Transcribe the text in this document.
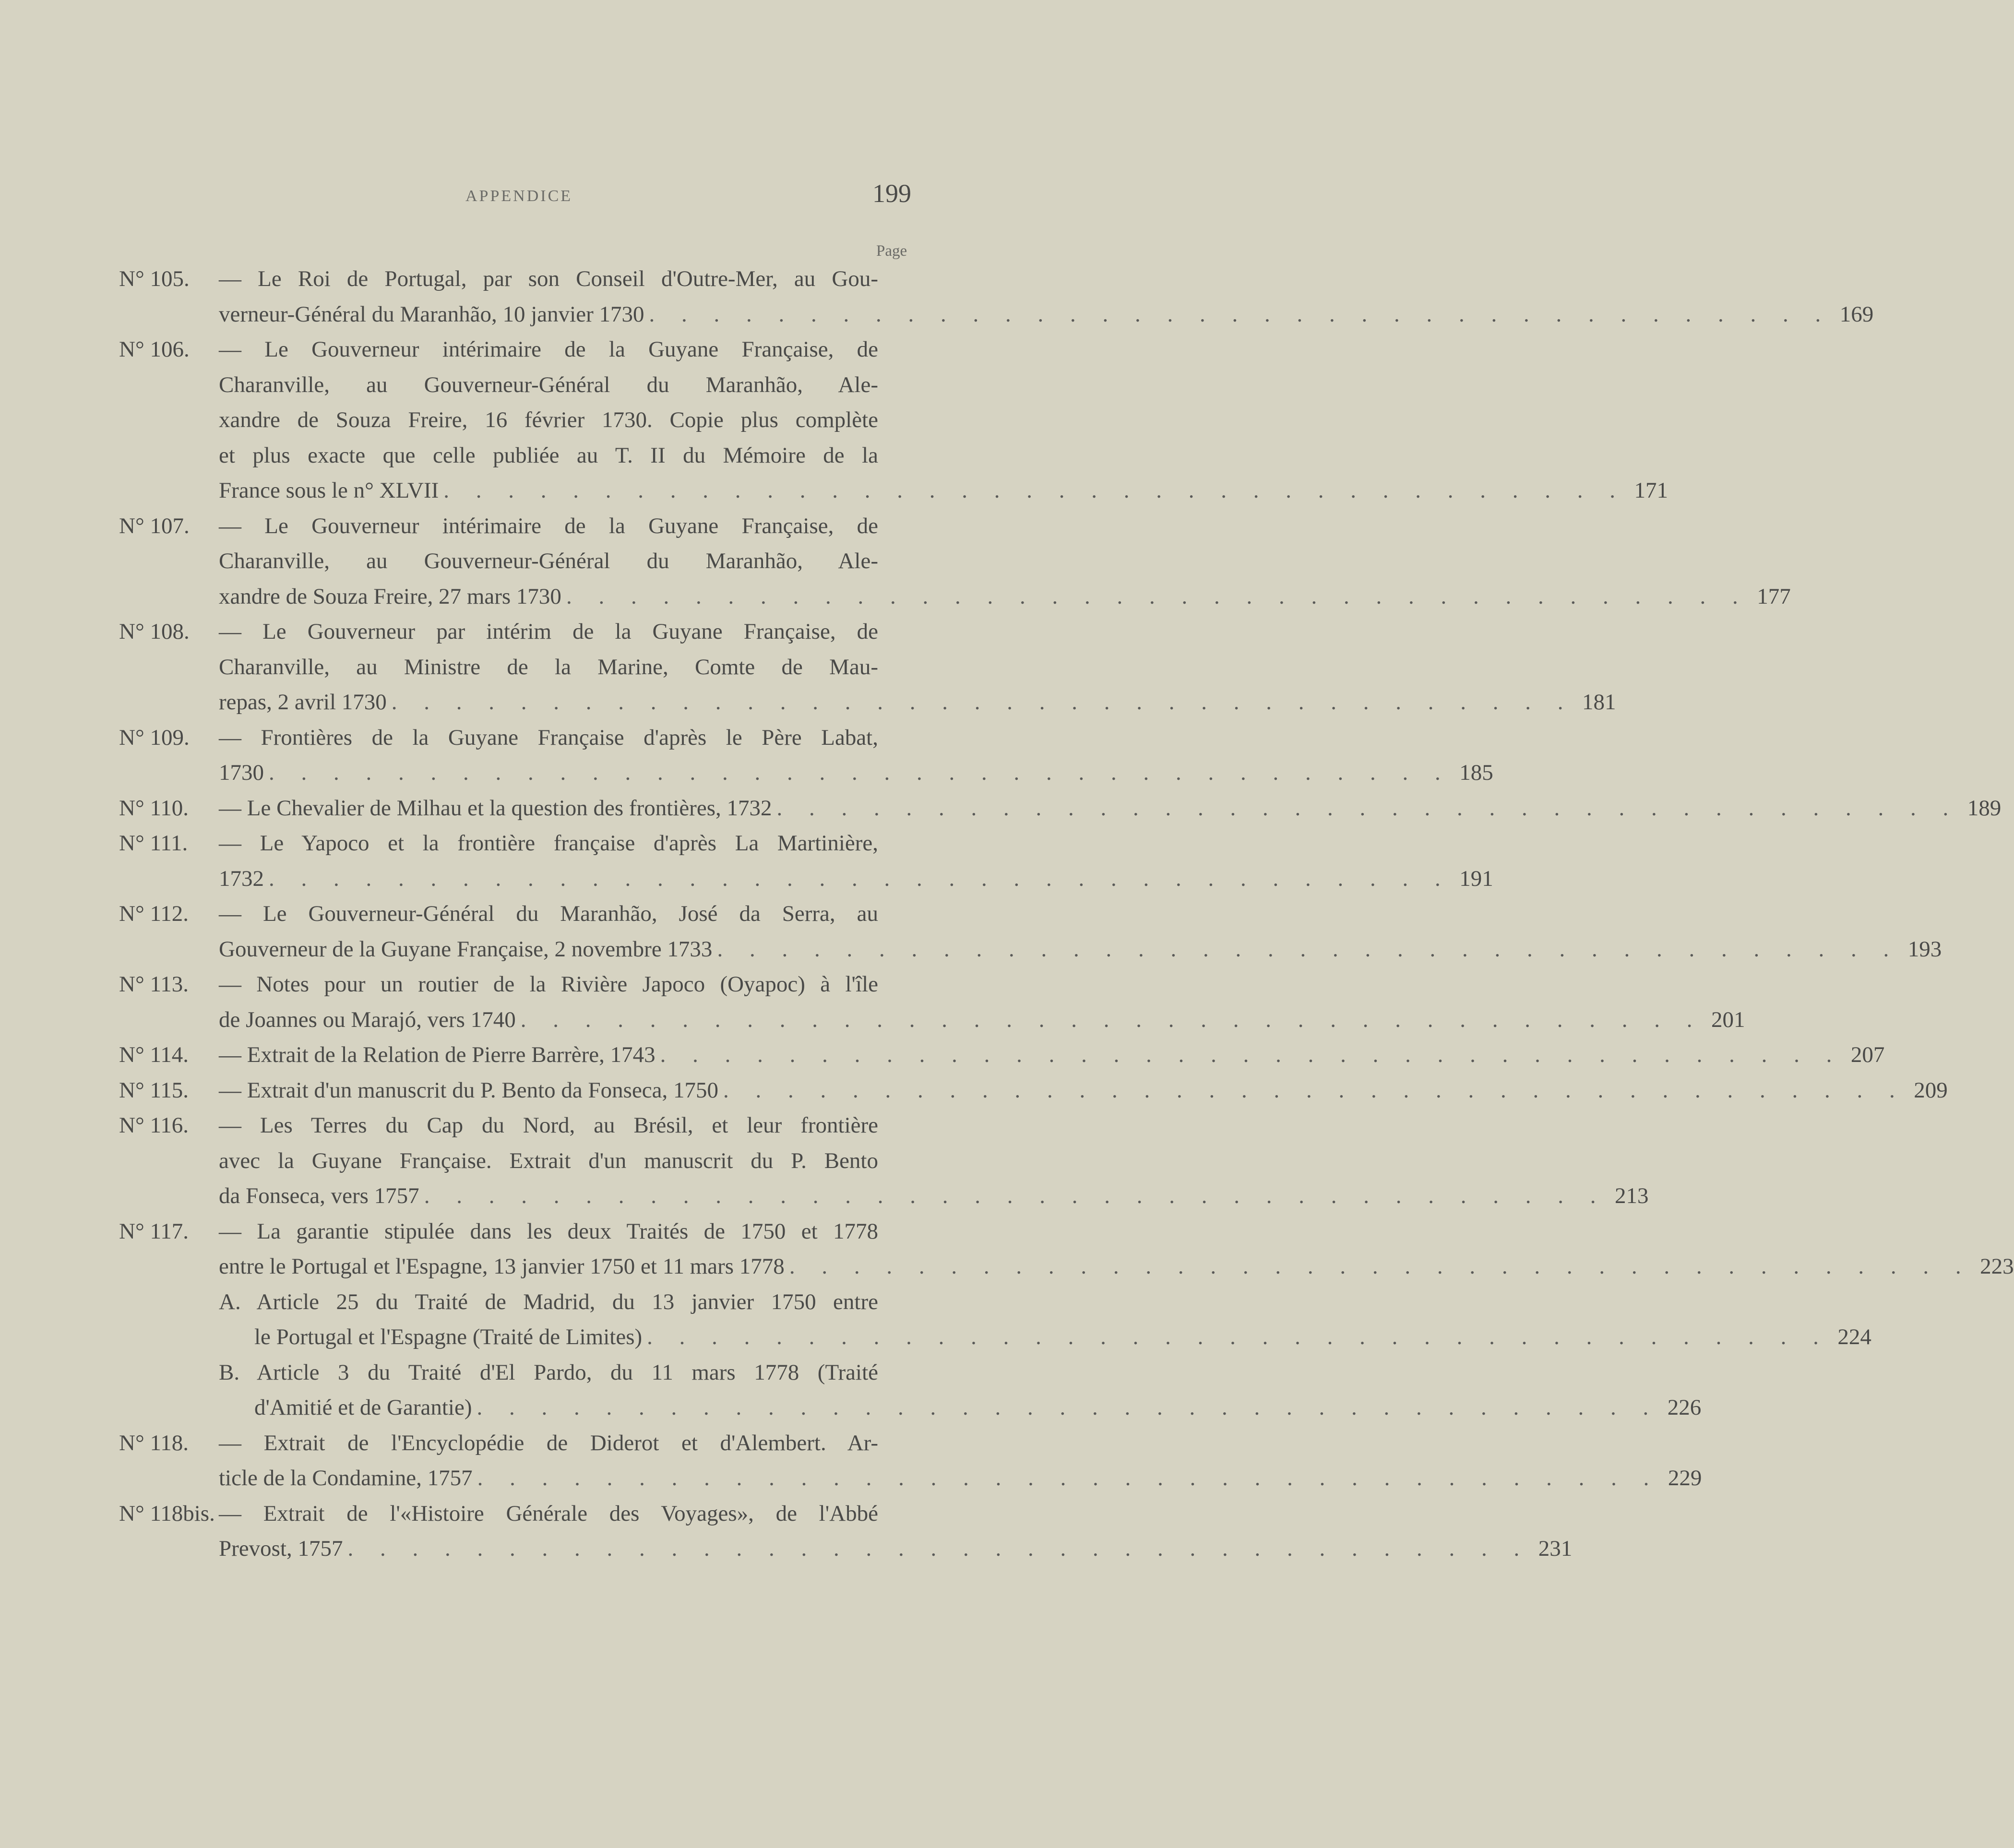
APPENDICE	199
Page
N° 105. — Le Roi de Portugal, par son Conseil d'Outre-Mer, au Gou-
verneur-Général du Maranhão, 10 janvier 1730 . . . . . . . . . . . . . . . . . . . . . . . . . . . . . . . . . . . . . 169
N° 106. — Le Gouverneur intérimaire de la Guyane Française, de
Charanville, au Gouverneur-Général du Maranhão, Ale-
xandre de Souza Freire, 16 février 1730. Copie plus complète
et plus exacte que celle publiée au T. II du Mémoire de la
France sous le n° XLVII . . . . . . . . . . . . . . . . . . . . . . . . . . . . . . . . . . . . . 171
N° 107. — Le Gouverneur intérimaire de la Guyane Française, de
Charanville, au Gouverneur-Général du Maranhão, Ale-
xandre de Souza Freire, 27 mars 1730 . . . . . . . . . . . . . . . . . . . . . . . . . . . . . . . . . . . . . 177
N° 108. — Le Gouverneur par intérim de la Guyane Française, de
Charanville, au Ministre de la Marine, Comte de Mau-
repas, 2 avril 1730 . . . . . . . . . . . . . . . . . . . . . . . . . . . . . . . . . . . . . 181
N° 109. — Frontières de la Guyane Française d'après le Père Labat,
1730 . . . . . . . . . . . . . . . . . . . . . . . . . . . . . . . . . . . . . 185
N° 110. — Le Chevalier de Milhau et la question des frontières, 1732 . . . . . . . . . . . . . . . . . . . . . . . . . . . . . . . . . . . . . 189
N° 111. — Le Yapoco et la frontière française d'après La Martinière,
1732 . . . . . . . . . . . . . . . . . . . . . . . . . . . . . . . . . . . . . 191
N° 112. — Le Gouverneur-Général du Maranhão, José da Serra, au
Gouverneur de la Guyane Française, 2 novembre 1733 . . . . . . . . . . . . . . . . . . . . . . . . . . . . . . . . . . . . . 193
N° 113. — Notes pour un routier de la Rivière Japoco (Oyapoc) à l'île
de Joannes ou Marajó, vers 1740 . . . . . . . . . . . . . . . . . . . . . . . . . . . . . . . . . . . . . 201
N° 114. — Extrait de la Relation de Pierre Barrère, 1743 . . . . . . . . . . . . . . . . . . . . . . . . . . . . . . . . . . . . . 207
N° 115. — Extrait d'un manuscrit du P. Bento da Fonseca, 1750 . . . . . . . . . . . . . . . . . . . . . . . . . . . . . . . . . . . . . 209
N° 116. — Les Terres du Cap du Nord, au Brésil, et leur frontière
avec la Guyane Française. Extrait d'un manuscrit du P. Bento
da Fonseca, vers 1757 . . . . . . . . . . . . . . . . . . . . . . . . . . . . . . . . . . . . . 213
N° 117. — La garantie stipulée dans les deux Traités de 1750 et 1778
entre le Portugal et l'Espagne, 13 janvier 1750 et 11 mars 1778 . . . . . . . . . . . . . . . . . . . . . . . . . . . . . . . . . . . . . 223
A. Article 25 du Traité de Madrid, du 13 janvier 1750 entre
le Portugal et l'Espagne (Traité de Limites) . . . . . . . . . . . . . . . . . . . . . . . . . . . . . . . . . . . . . 224
B. Article 3 du Traité d'El Pardo, du 11 mars 1778 (Traité
d'Amitié et de Garantie) . . . . . . . . . . . . . . . . . . . . . . . . . . . . . . . . . . . . . 226
N° 118. — Extrait de l'Encyclopédie de Diderot et d'Alembert. Ar-
ticle de la Condamine, 1757 . . . . . . . . . . . . . . . . . . . . . . . . . . . . . . . . . . . . . 229
N° 118bis. — Extrait de l'«Histoire Générale des Voyages», de l'Abbé
Prevost, 1757 . . . . . . . . . . . . . . . . . . . . . . . . . . . . . . . . . . . . . 231
